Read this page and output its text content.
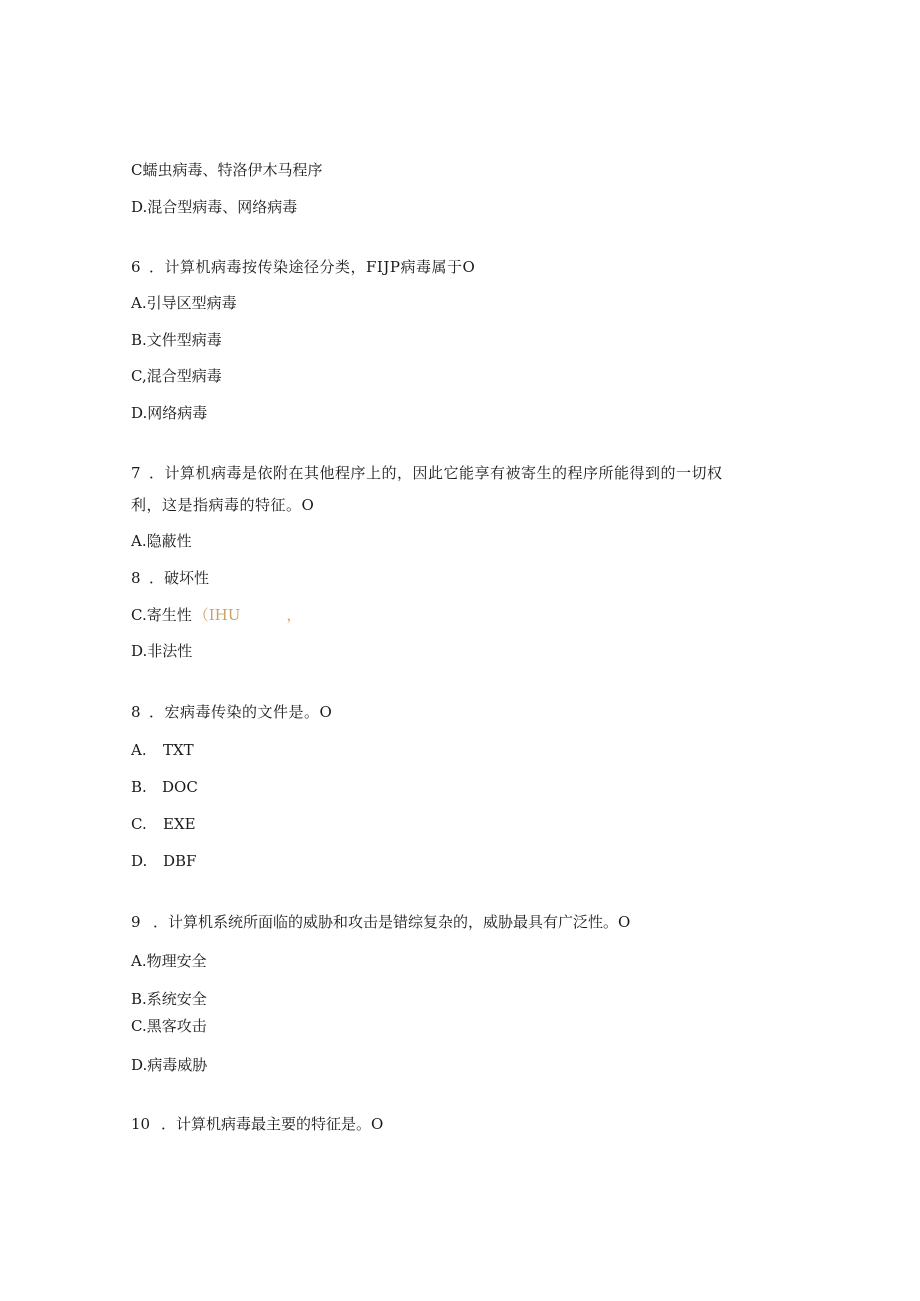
C蠕虫病毒、特洛伊木马程序
D.混合型病毒、网络病毒
6 ．计算机病毒按传染途径分类，FIJP病毒属于O
A.引导区型病毒
B.文件型病毒
C,混合型病毒
D.网络病毒
7 ．计算机病毒是依附在其他程序上的，因此它能享有被寄生的程序所能得到的一切权
利，这是指病毒的特征。O
A.隐蔽性
8 ．破坏性
C.寄生性 （IHU	，
D.非法性
8 ．宏病毒传染的文件是。O
A. TXT
B. DOC
C. EXE
D. DBF
9 ．计算机系统所面临的威胁和攻击是错综复杂的，威胁最具有广泛性。O
A.物理安全
B.系统安全
C.黑客攻击
D.病毒威胁
10 ．计算机病毒最主要的特征是。O
